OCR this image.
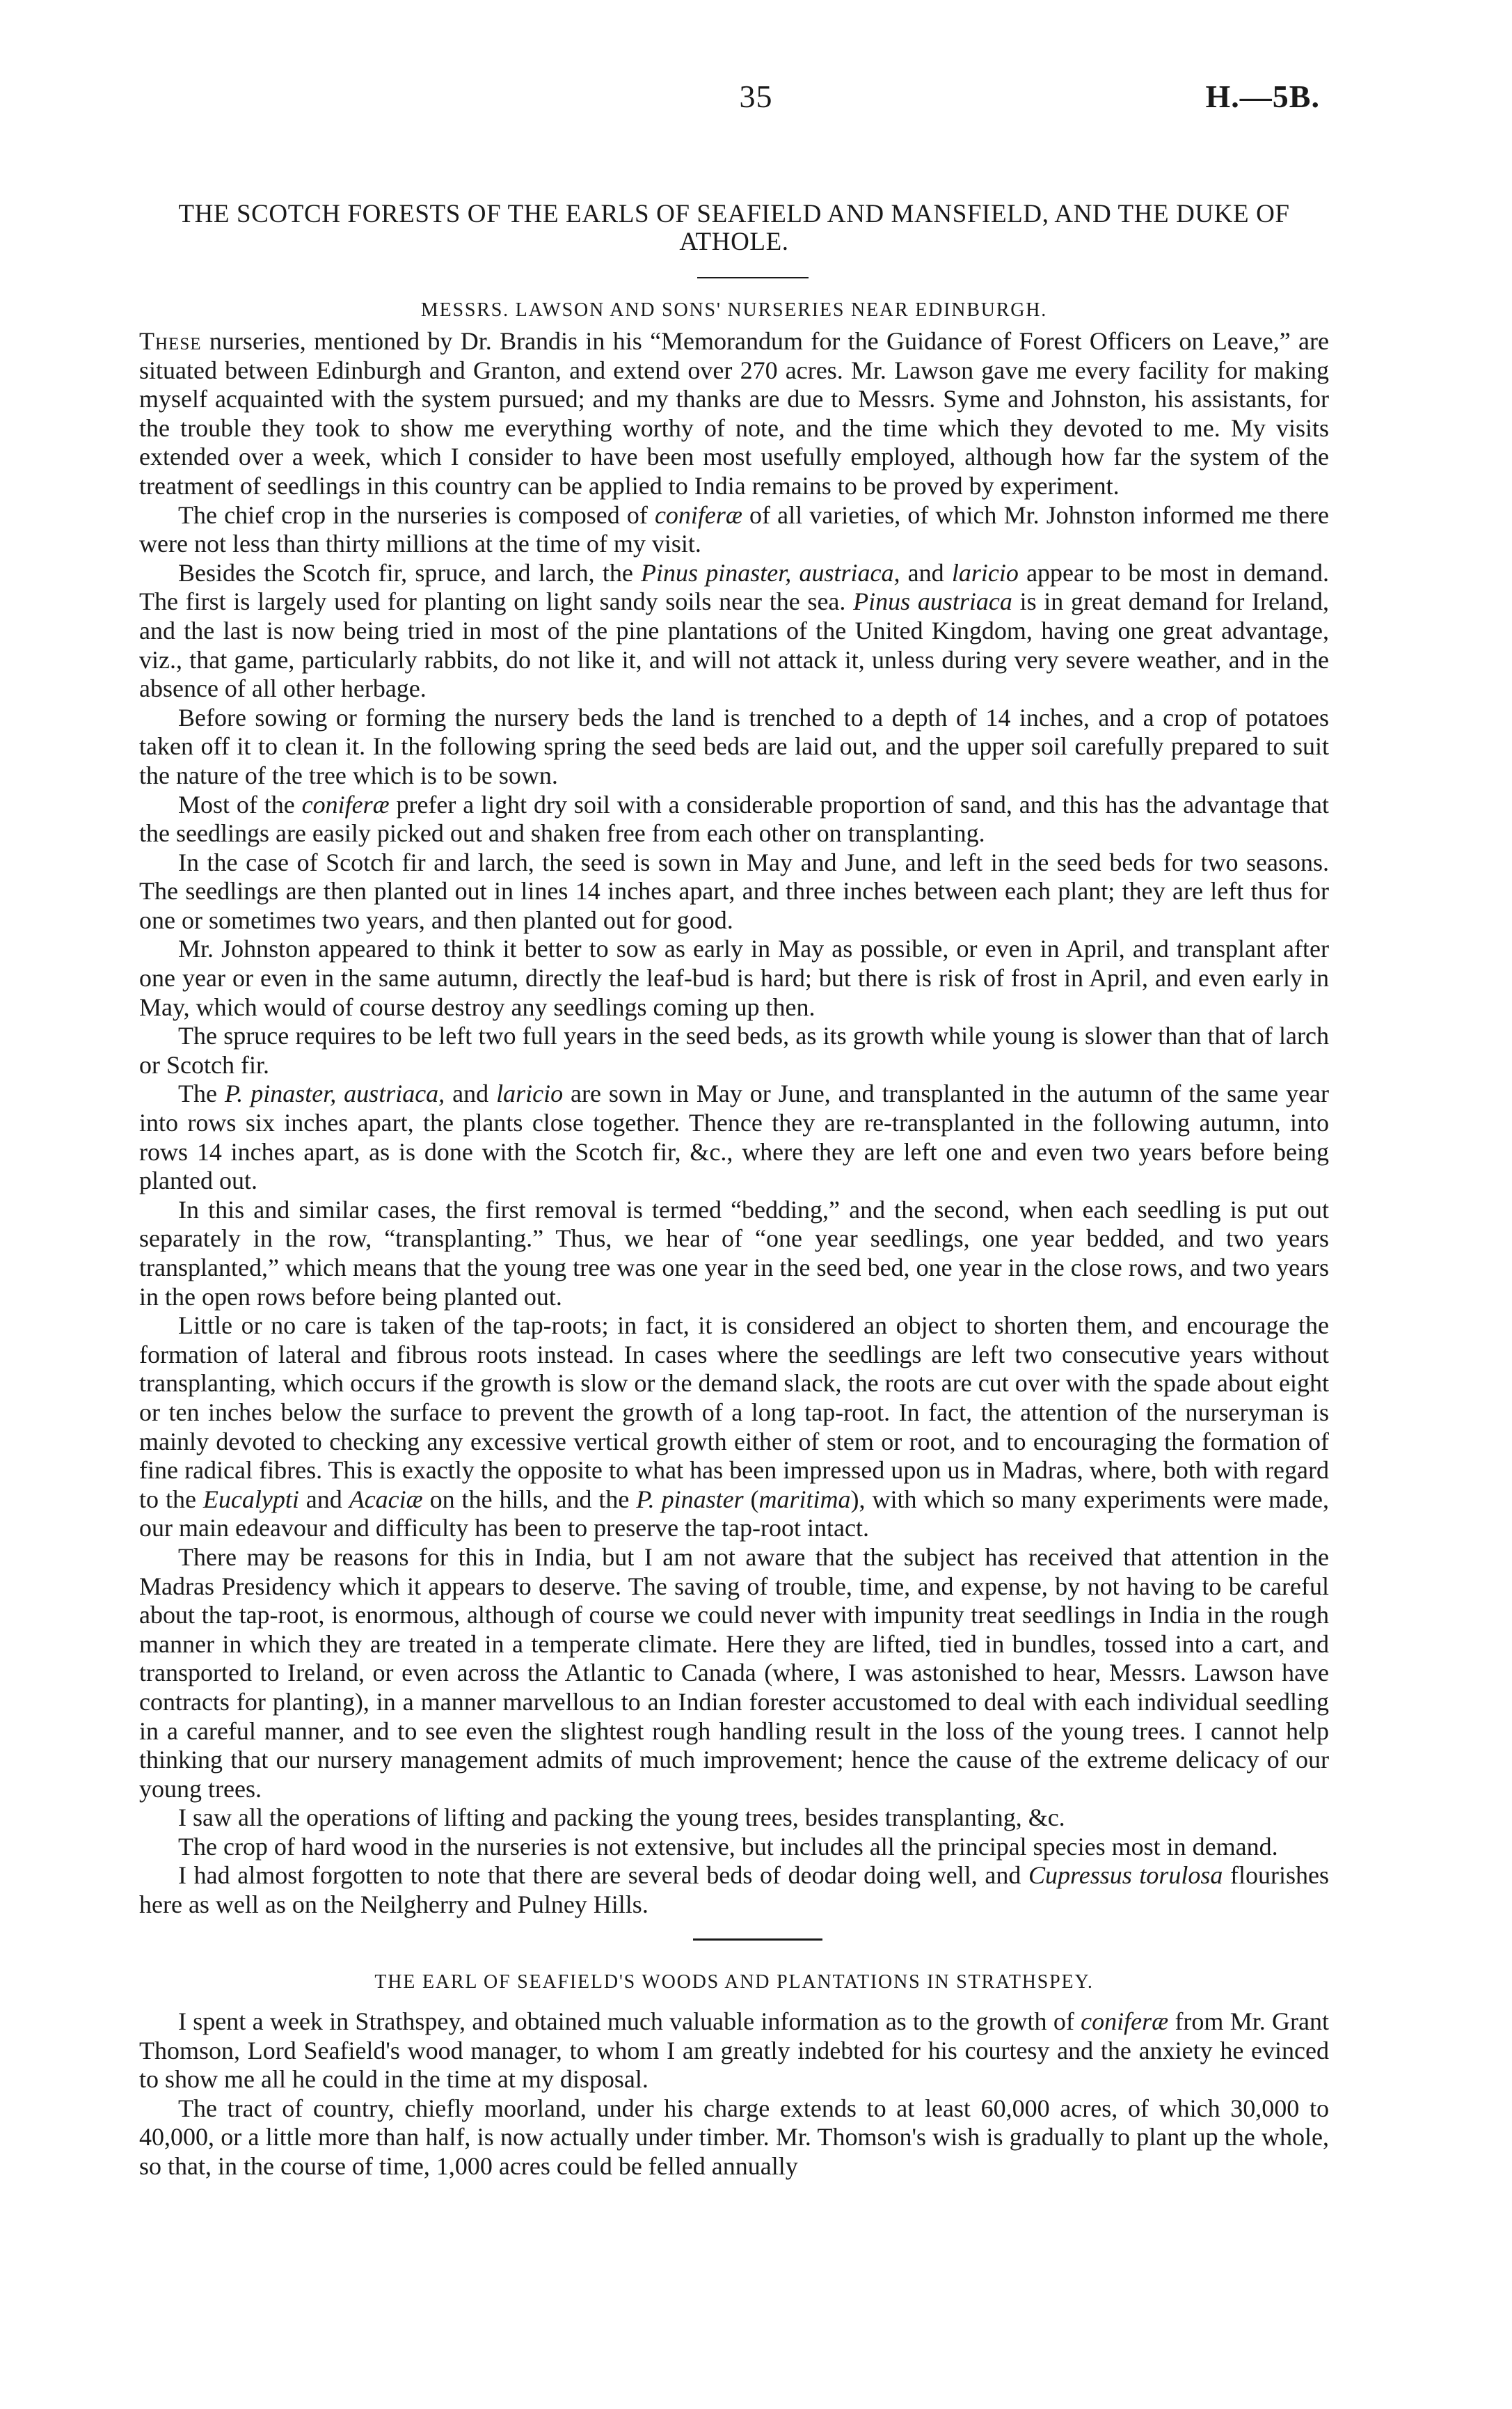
35	H.—5B.
THE SCOTCH FORESTS OF THE EARLS OF SEAFIELD AND MANSFIELD, AND THE DUKE OF ATHOLE.
MESSRS. LAWSON AND SONS' NURSERIES NEAR EDINBURGH.

These nurseries, mentioned by Dr. Brandis in his “Memorandum for the Guidance of Forest Officers on Leave,” are situated between Edinburgh and Granton, and extend over 270 acres. Mr. Lawson gave me every facility for making myself acquainted with the system pursued; and my thanks are due to Messrs. Syme and Johnston, his assistants, for the trouble they took to show me everything worthy of note, and the time which they devoted to me. My visits extended over a week, which I consider to have been most usefully employed, although how far the system of the treatment of seedlings in this country can be applied to India remains to be proved by experiment.

The chief crop in the nurseries is composed of coniferæ of all varieties, of which Mr. Johnston informed me there were not less than thirty millions at the time of my visit.

Besides the Scotch fir, spruce, and larch, the Pinus pinaster, austriaca, and laricio appear to be most in demand. The first is largely used for planting on light sandy soils near the sea. Pinus austriaca is in great demand for Ireland, and the last is now being tried in most of the pine plantations of the United Kingdom, having one great advantage, viz., that game, particularly rabbits, do not like it, and will not attack it, unless during very severe weather, and in the absence of all other herbage.

Before sowing or forming the nursery beds the land is trenched to a depth of 14 inches, and a crop of potatoes taken off it to clean it. In the following spring the seed beds are laid out, and the upper soil carefully prepared to suit the nature of the tree which is to be sown.

Most of the coniferæ prefer a light dry soil with a considerable proportion of sand, and this has the advantage that the seedlings are easily picked out and shaken free from each other on transplanting.

In the case of Scotch fir and larch, the seed is sown in May and June, and left in the seed beds for two seasons. The seedlings are then planted out in lines 14 inches apart, and three inches between each plant; they are left thus for one or sometimes two years, and then planted out for good.

Mr. Johnston appeared to think it better to sow as early in May as possible, or even in April, and transplant after one year or even in the same autumn, directly the leaf-bud is hard; but there is risk of frost in April, and even early in May, which would of course destroy any seedlings coming up then.

The spruce requires to be left two full years in the seed beds, as its growth while young is slower than that of larch or Scotch fir.

The P. pinaster, austriaca, and laricio are sown in May or June, and transplanted in the autumn of the same year into rows six inches apart, the plants close together. Thence they are re-transplanted in the following autumn, into rows 14 inches apart, as is done with the Scotch fir, &c., where they are left one and even two years before being planted out.

In this and similar cases, the first removal is termed “bedding,” and the second, when each seedling is put out separately in the row, “transplanting.” Thus, we hear of “one year seedlings, one year bedded, and two years transplanted,” which means that the young tree was one year in the seed bed, one year in the close rows, and two years in the open rows before being planted out.

Little or no care is taken of the tap-roots; in fact, it is considered an object to shorten them, and encourage the formation of lateral and fibrous roots instead. In cases where the seedlings are left two consecutive years without transplanting, which occurs if the growth is slow or the demand slack, the roots are cut over with the spade about eight or ten inches below the surface to prevent the growth of a long tap-root. In fact, the attention of the nurseryman is mainly devoted to checking any excessive vertical growth either of stem or root, and to encouraging the formation of fine radical fibres. This is exactly the opposite to what has been impressed upon us in Madras, where, both with regard to the Eucalypti and Acaciæ on the hills, and the P. pinaster (maritima), with which so many experiments were made, our main edeavour and difficulty has been to preserve the tap-root intact.

There may be reasons for this in India, but I am not aware that the subject has received that attention in the Madras Presidency which it appears to deserve. The saving of trouble, time, and expense, by not having to be careful about the tap-root, is enormous, although of course we could never with impunity treat seedlings in India in the rough manner in which they are treated in a temperate climate. Here they are lifted, tied in bundles, tossed into a cart, and transported to Ireland, or even across the Atlantic to Canada (where, I was astonished to hear, Messrs. Lawson have contracts for planting), in a manner marvellous to an Indian forester accustomed to deal with each individual seedling in a careful manner, and to see even the slightest rough handling result in the loss of the young trees. I cannot help thinking that our nursery management admits of much improvement; hence the cause of the extreme delicacy of our young trees.

I saw all the operations of lifting and packing the young trees, besides transplanting, &c.

The crop of hard wood in the nurseries is not extensive, but includes all the principal species most in demand.

I had almost forgotten to note that there are several beds of deodar doing well, and Cupressus torulosa flourishes here as well as on the Neilgherry and Pulney Hills.

THE EARL OF SEAFIELD'S WOODS AND PLANTATIONS IN STRATHSPEY.

I spent a week in Strathspey, and obtained much valuable information as to the growth of coniferæ from Mr. Grant Thomson, Lord Seafield's wood manager, to whom I am greatly indebted for his courtesy and the anxiety he evinced to show me all he could in the time at my disposal.

The tract of country, chiefly moorland, under his charge extends to at least 60,000 acres, of which 30,000 to 40,000, or a little more than half, is now actually under timber. Mr. Thomson's wish is gradually to plant up the whole, so that, in the course of time, 1,000 acres could be felled annually
